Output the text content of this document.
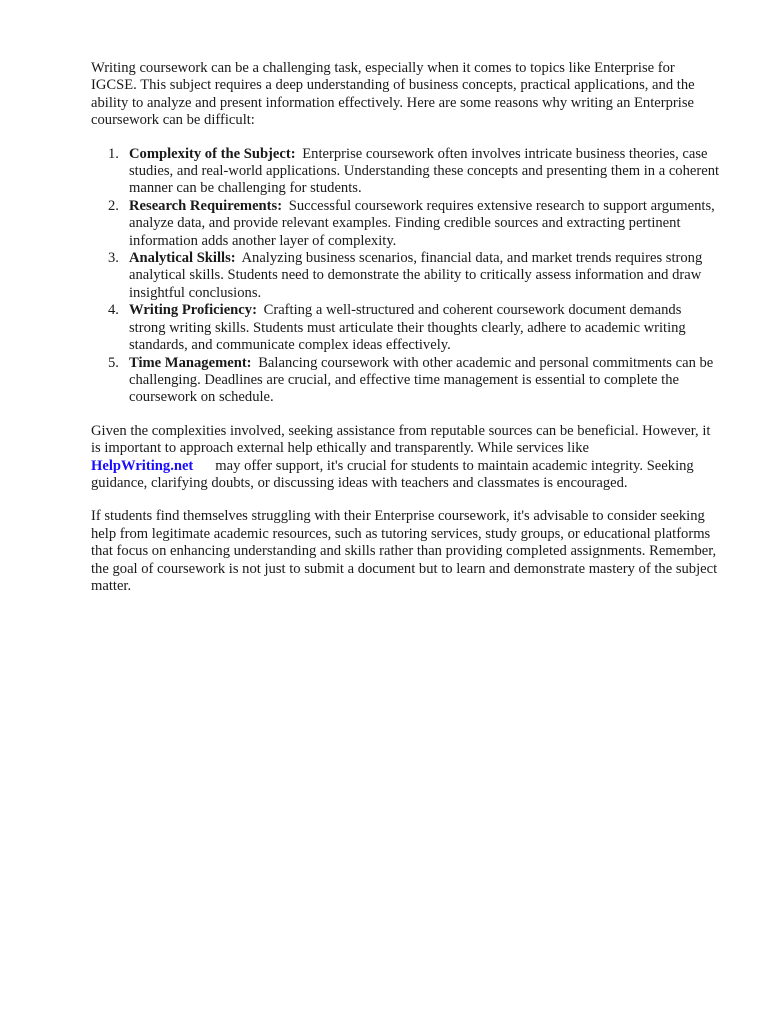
Writing coursework can be a challenging task, especially when it comes to topics like Enterprise for IGCSE. This subject requires a deep understanding of business concepts, practical applications, and the ability to analyze and present information effectively. Here are some reasons why writing an Enterprise coursework can be difficult:

1. Complexity of the Subject: Enterprise coursework often involves intricate business theories, case studies, and real-world applications. Understanding these concepts and presenting them in a coherent manner can be challenging for students.
2. Research Requirements: Successful coursework requires extensive research to support arguments, analyze data, and provide relevant examples. Finding credible sources and extracting pertinent information adds another layer of complexity.
3. Analytical Skills: Analyzing business scenarios, financial data, and market trends requires strong analytical skills. Students need to demonstrate the ability to critically assess information and draw insightful conclusions.
4. Writing Proficiency: Crafting a well-structured and coherent coursework document demands strong writing skills. Students must articulate their thoughts clearly, adhere to academic writing standards, and communicate complex ideas effectively.
5. Time Management: Balancing coursework with other academic and personal commitments can be challenging. Deadlines are crucial, and effective time management is essential to complete the coursework on schedule.

Given the complexities involved, seeking assistance from reputable sources can be beneficial. However, it is important to approach external help ethically and transparently. While services like HelpWriting.net may offer support, it's crucial for students to maintain academic integrity. Seeking guidance, clarifying doubts, or discussing ideas with teachers and classmates is encouraged.

If students find themselves struggling with their Enterprise coursework, it's advisable to consider seeking help from legitimate academic resources, such as tutoring services, study groups, or educational platforms that focus on enhancing understanding and skills rather than providing completed assignments. Remember, the goal of coursework is not just to submit a document but to learn and demonstrate mastery of the subject matter.
